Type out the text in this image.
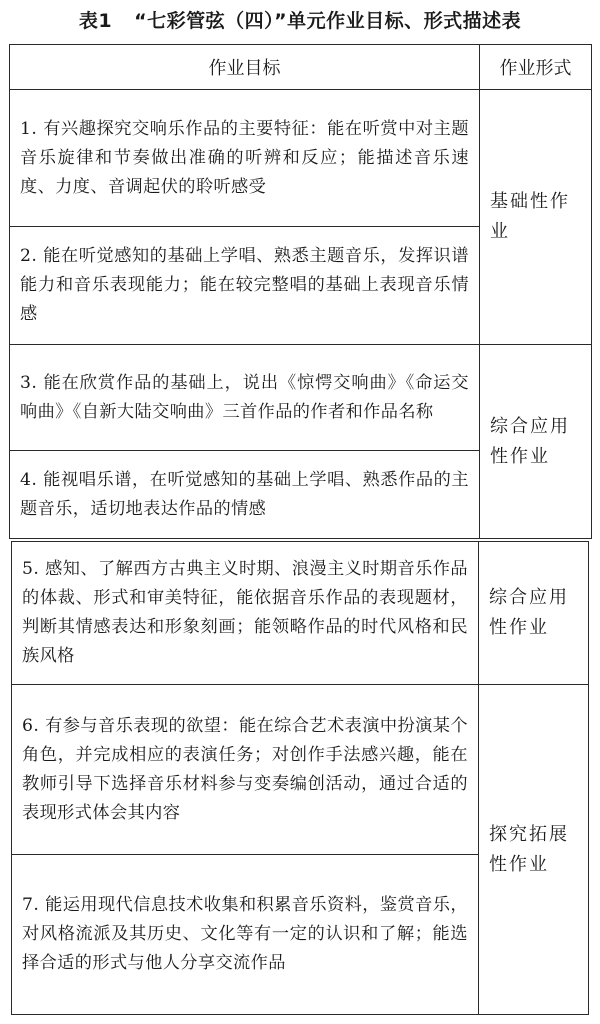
表1 “七彩管弦（四）”单元作业目标、形式描述表
作业目标	作业形式
1. 有兴趣探究交响乐作品的主要特征：能在听赏中对主题音乐旋律和节奏做出准确的听辨和反应；能描述音乐速度、力度、音调起伏的聆听感受	基础性作业
2. 能在听觉感知的基础上学唱、熟悉主题音乐，发挥识谱能力和音乐表现能力；能在较完整唱的基础上表现音乐情感	
3. 能在欣赏作品的基础上，说出《惊愕交响曲》《命运交响曲》《自新大陆交响曲》三首作品的作者和作品名称	综合应用性作业
4. 能视唱乐谱，在听觉感知的基础上学唱、熟悉作品的主题音乐，适切地表达作品的情感	
5. 感知、了解西方古典主义时期、浪漫主义时期音乐作品的体裁、形式和审美特征，能依据音乐作品的表现题材，判断其情感表达和形象刻画；能领略作品的时代风格和民族风格	综合应用性作业
6. 有参与音乐表现的欲望：能在综合艺术表演中扮演某个角色，并完成相应的表演任务；对创作手法感兴趣，能在教师引导下选择音乐材料参与变奏编创活动，通过合适的表现形式体会其内容	探究拓展性作业
7. 能运用现代信息技术收集和积累音乐资料，鉴赏音乐，对风格流派及其历史、文化等有一定的认识和了解；能选择合适的形式与他人分享交流作品	
